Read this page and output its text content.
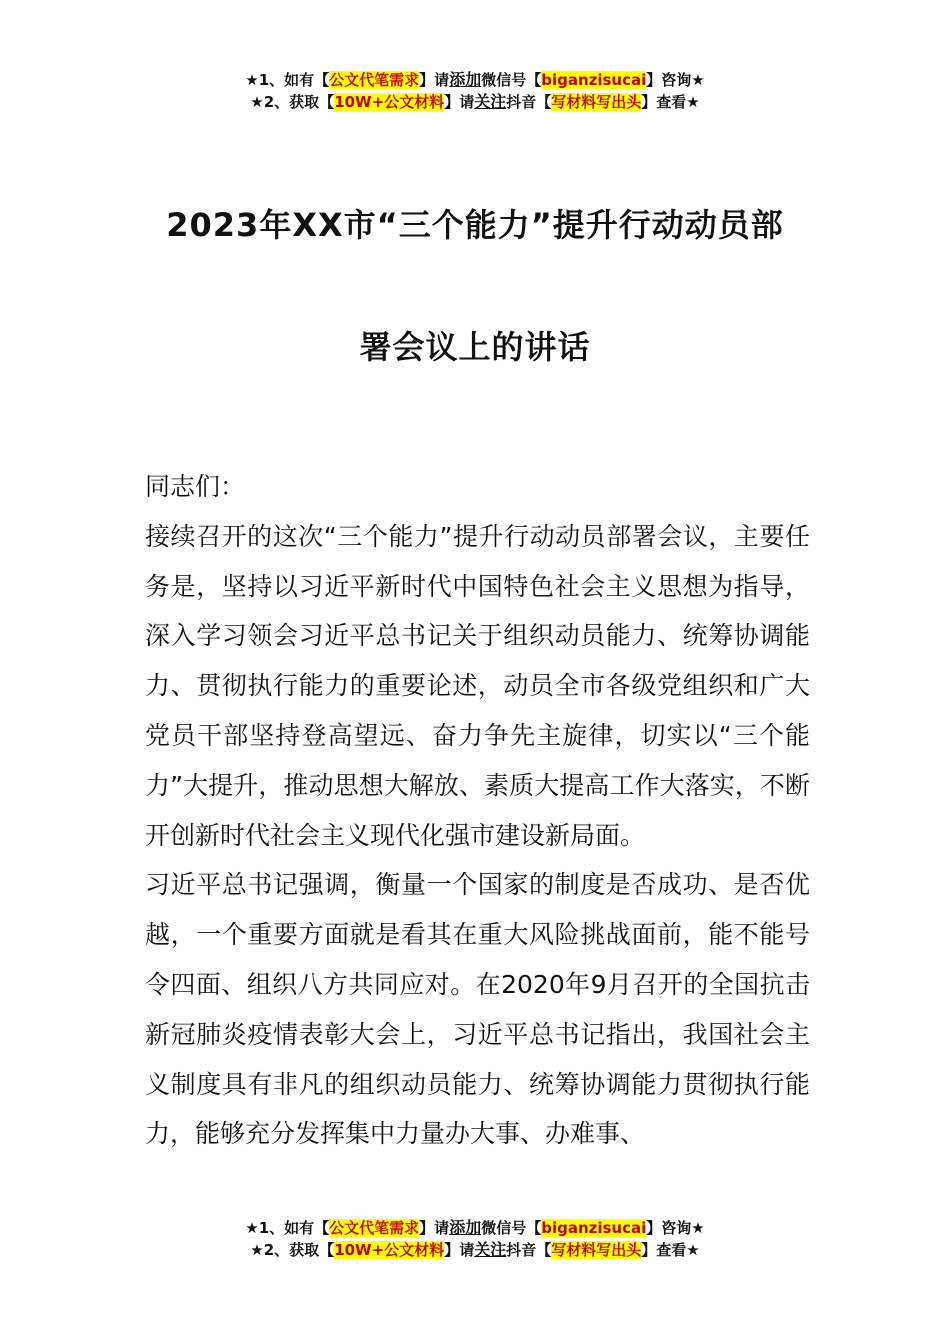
★1、如有【公文代笔需求】请添加微信号【biganzisucai】咨询★
★2、获取【10W+公文材料】请关注抖音【写材料写出头】查看★
2023年XX市“三个能力”提升行动动员部
署会议上的讲话

同志们：

接续召开的这次“三个能力”提升行动动员部署会议，主要任务是，坚持以习近平新时代中国特色社会主义思想为指导，深入学习领会习近平总书记关于组织动员能力、统筹协调能力、贯彻执行能力的重要论述，动员全市各级党组织和广大党员干部坚持登高望远、奋力争先主旋律，切实以“三个能力”大提升，推动思想大解放、素质大提高工作大落实，不断开创新时代社会主义现代化强市建设新局面。

习近平总书记强调，衡量一个国家的制度是否成功、是否优越，一个重要方面就是看其在重大风险挑战面前，能不能号令四面、组织八方共同应对。在2020年9月召开的全国抗击新冠肺炎疫情表彰大会上，习近平总书记指出，我国社会主义制度具有非凡的组织动员能力、统筹协调能力贯彻执行能力，能够充分发挥集中力量办大事、办难事、

★1、如有【公文代笔需求】请添加微信号【biganzisucai】咨询★
★2、获取【10W+公文材料】请关注抖音【写材料写出头】查看★
